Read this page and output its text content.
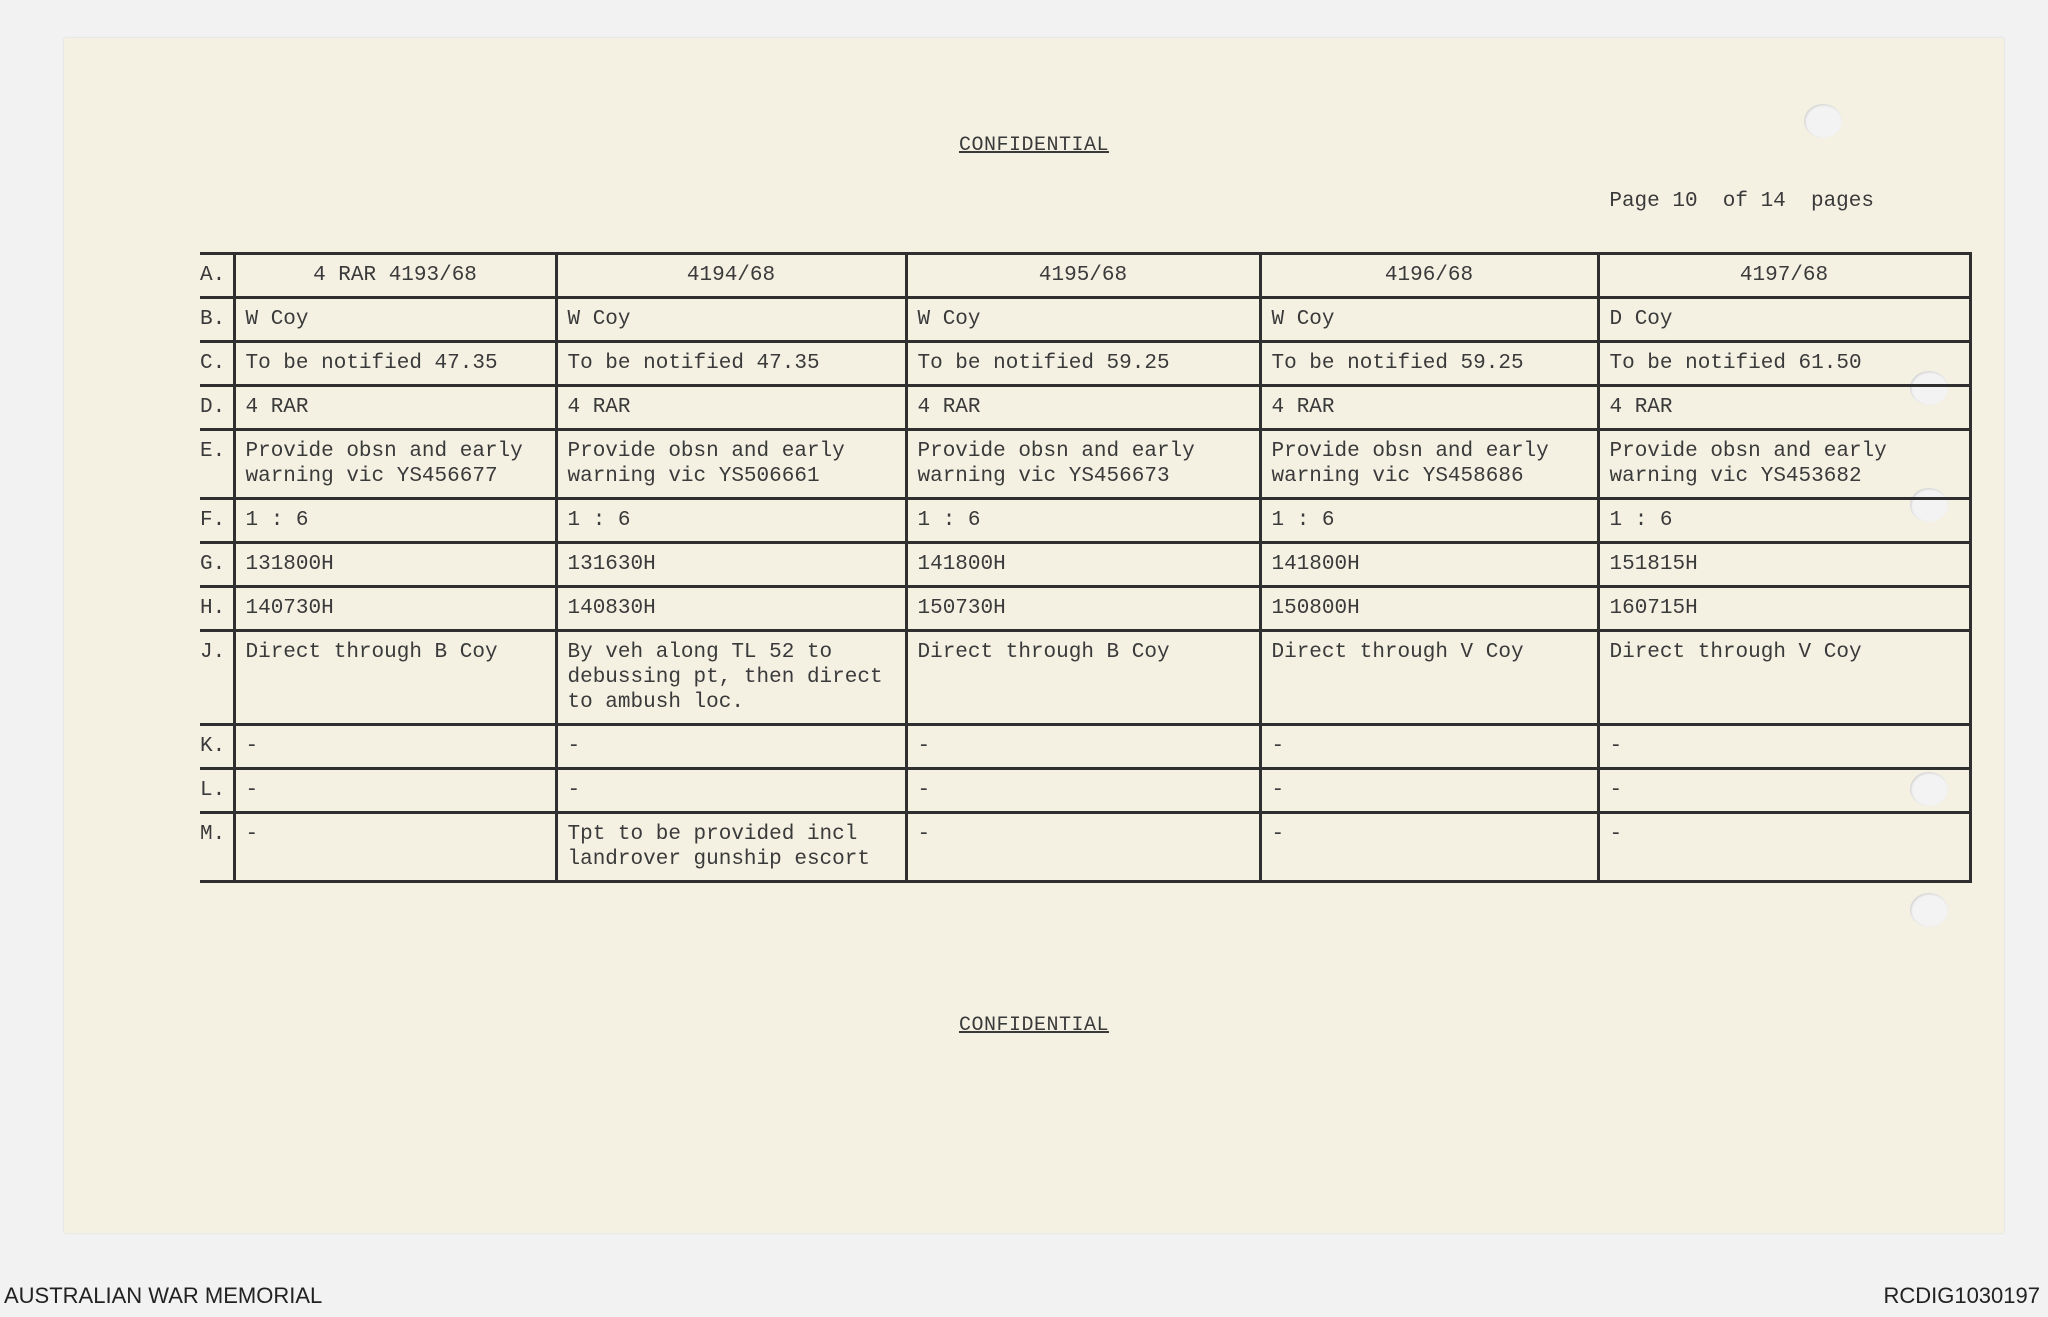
CONFIDENTIAL
Page 10  of 14  pages
A.	4 RAR 4193/68	4194/68	4195/68	4196/68	4197/68
B.	W Coy	W Coy	W Coy	W Coy	D Coy
C.	To be notified 47.35	To be notified 47.35	To be notified 59.25	To be notified 59.25	To be notified 61.50
D.	4 RAR	4 RAR	4 RAR	4 RAR	4 RAR
E.	Provide obsn and early
warning vic YS456677	Provide obsn and early
warning vic YS506661	Provide obsn and early
warning vic YS456673	Provide obsn and early
warning vic YS458686	Provide obsn and early
warning vic YS453682
F.	1 : 6	1 : 6	1 : 6	1 : 6	1 : 6
G.	131800H	131630H	141800H	141800H	151815H
H.	140730H	140830H	150730H	150800H	160715H
J.	Direct through B Coy	By veh along TL 52 to
debussing pt, then direct
to ambush loc.	Direct through B Coy	Direct through V Coy	Direct through V Coy
K.	-	-	-	-	-
L.	-	-	-	-	-
M.	-	Tpt to be provided incl
landrover gunship escort	-	-	-
CONFIDENTIAL
AUSTRALIAN WAR MEMORIAL	RCDIG1030197
